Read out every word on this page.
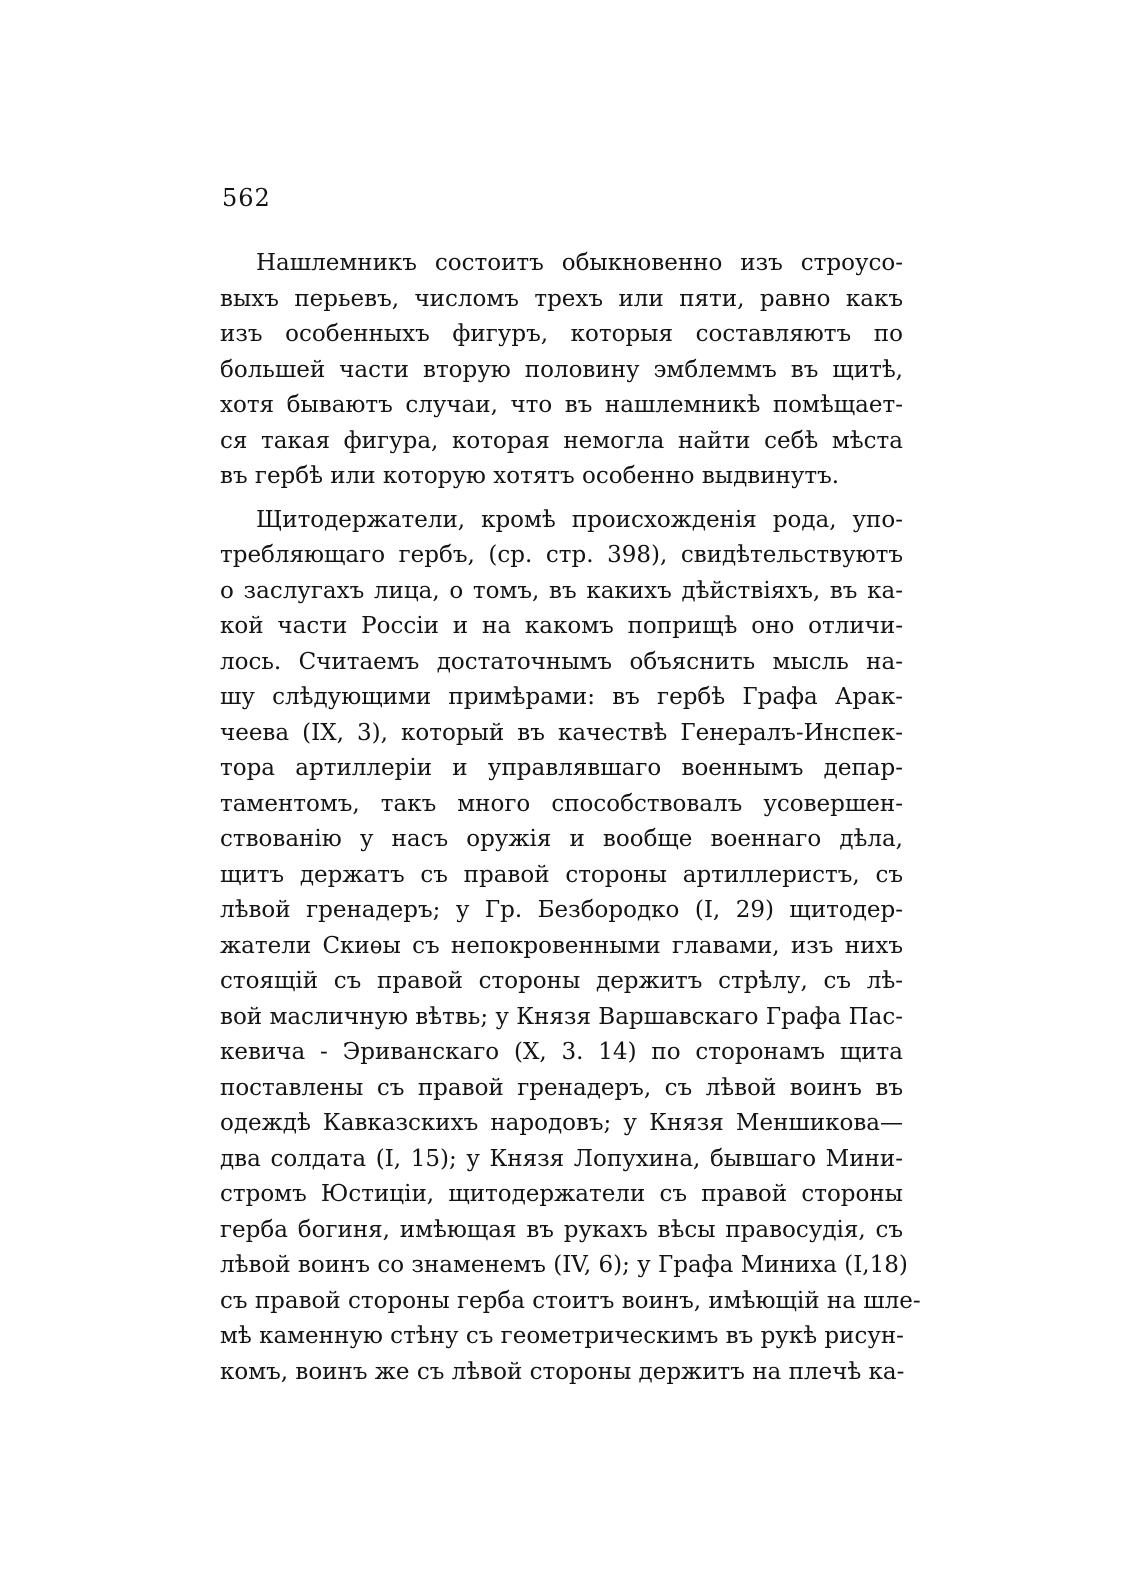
562
Нашлемникъ состоитъ обыкновенно изъ строусо-
выхъ перьевъ, числомъ трехъ или пяти, равно какъ
изъ особенныхъ фигуръ, которыя составляютъ по
большей части вторую половину эмблеммъ въ щитѣ,
хотя бываютъ случаи, что въ нашлемникѣ помѣщает-
ся такая фигура, которая немогла найти себѣ мѣста
въ гербѣ или которую хотятъ особенно выдвинутъ.
Щитодержатели, кромѣ происхожденія рода, упо-
требляющаго гербъ, (ср. стр. 398), свидѣтельствуютъ
о заслугахъ лица, о томъ, въ какихъ дѣйствіяхъ, въ ка-
кой части Россіи и на какомъ поприщѣ оно отличи-
лось. Считаемъ достаточнымъ объяснить мысль на-
шу слѣдующими примѣрами: въ гербѣ Графа Арак-
чеева (IX, 3), который въ качествѣ Генералъ-Инспек-
тора артиллеріи и управлявшаго военнымъ депар-
таментомъ, такъ много способствовалъ усовершен-
ствованію у насъ оружія и вообще военнаго дѣла,
щитъ держатъ съ правой стороны артиллеристъ, съ
лѣвой гренадеръ; у Гр. Безбородко (I, 29) щитодер-
жатели Скиѳы съ непокровенными главами, изъ нихъ
стоящій съ правой стороны держитъ стрѣлу, съ лѣ-
вой масличную вѣтвь; у Князя Варшавскаго Графа Пас-
кевича - Эриванскаго (X, 3. 14) по сторонамъ щита
поставлены съ правой гренадеръ, съ лѣвой воинъ въ
одеждѣ Кавказскихъ народовъ; у Князя Меншикова—
два солдата (I, 15); у Князя Лопухина, бывшаго Мини-
стромъ Юстиціи, щитодержатели съ правой стороны
герба богиня, имѣющая въ рукахъ вѣсы правосудія, съ
лѣвой воинъ со знаменемъ (IV, 6); у Графа Миниха (I,18)
съ правой стороны герба стоитъ воинъ, имѣющій на шле-
мѣ каменную стѣну съ геометрическимъ въ рукѣ рисун-
комъ, воинъ же съ лѣвой стороны держитъ на плечѣ ка-
